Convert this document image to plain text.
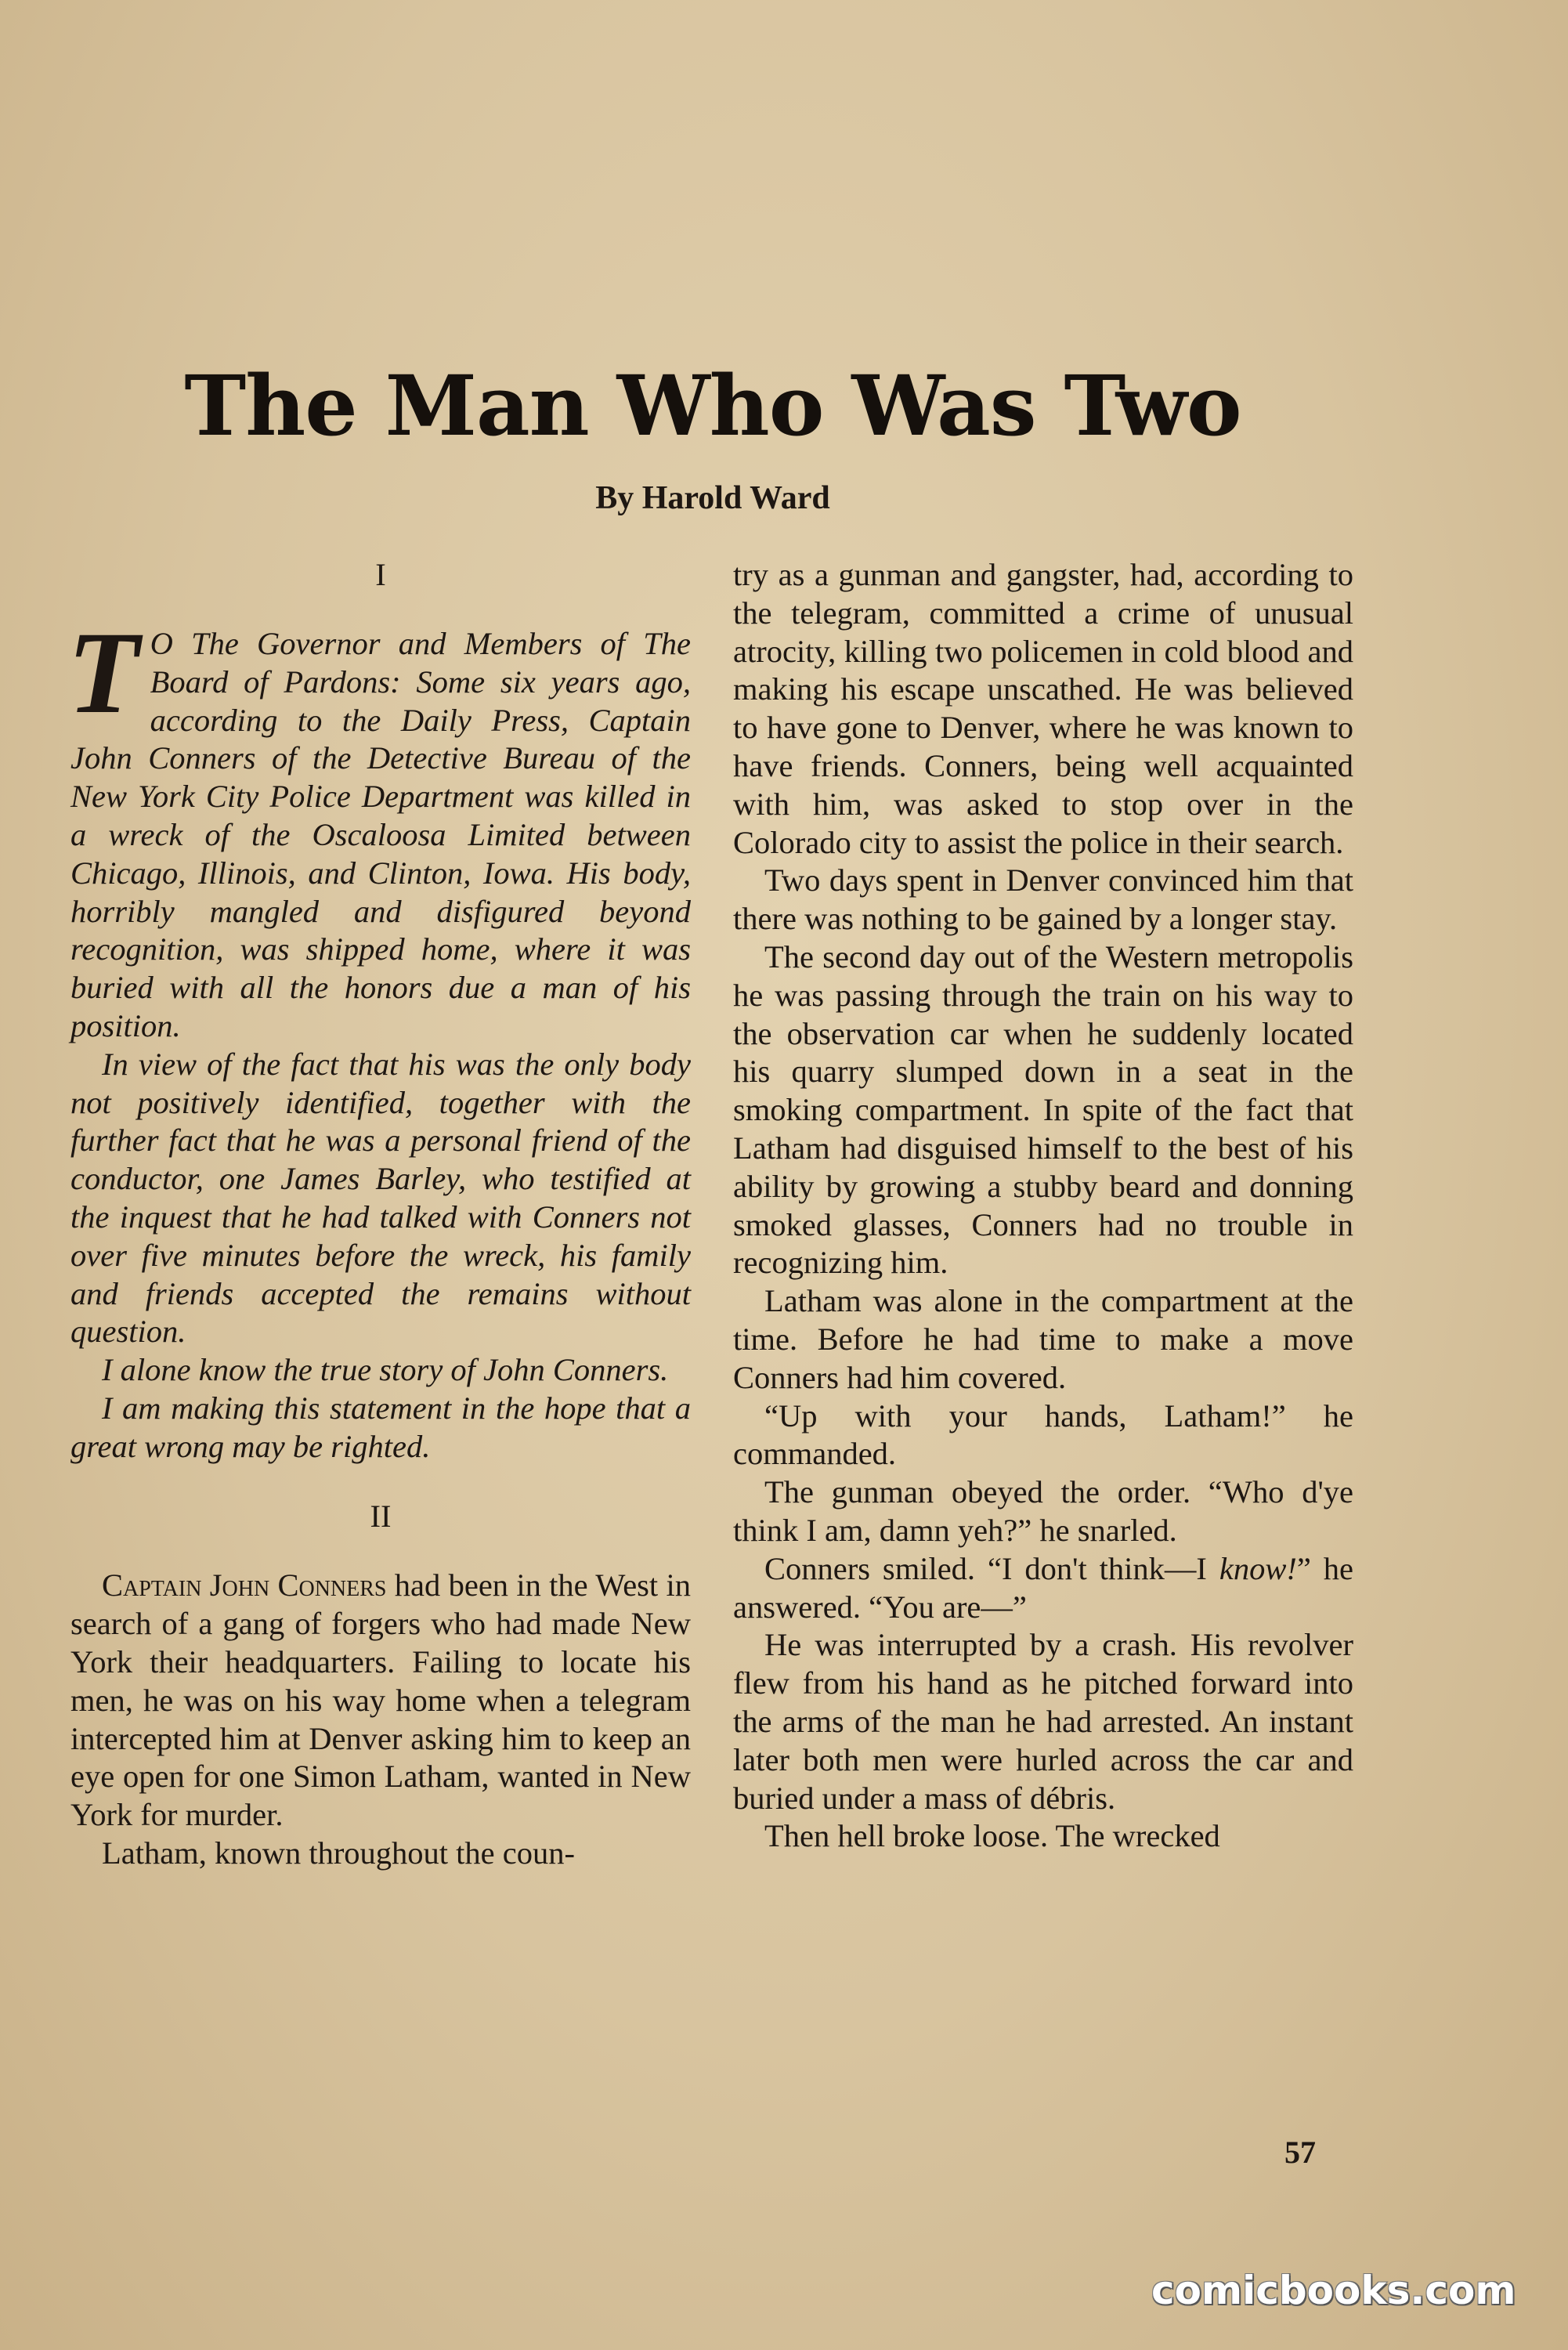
The Man Who Was Two

By Harold Ward

I

T O The Governor and Members of The Board of Pardons: Some six years ago, according to the Daily Press, Captain John Conners of the Detective Bureau of the New York City Police Department was killed in a wreck of the Oscaloosa Limited between Chicago, Illinois, and Clinton, Iowa. His body, horribly mangled and disfigured beyond recognition, was shipped home, where it was buried with all the honors due a man of his position.

In view of the fact that his was the only body not positively identified, together with the further fact that he was a personal friend of the conductor, one James Barley, who testified at the inquest that he had talked with Conners not over five minutes before the wreck, his family and friends accepted the remains without question.

I alone know the true story of John Conners.

I am making this statement in the hope that a great wrong may be righted.

II

Captain John Conners had been in the West in search of a gang of forgers who had made New York their headquarters. Failing to locate his men, he was on his way home when a telegram intercepted him at Denver asking him to keep an eye open for one Simon Latham, wanted in New York for murder.

Latham, known throughout the coun-

try as a gunman and gangster, had, according to the telegram, committed a crime of unusual atrocity, killing two policemen in cold blood and making his escape unscathed. He was believed to have gone to Denver, where he was known to have friends. Conners, being well acquainted with him, was asked to stop over in the Colorado city to assist the police in their search.

Two days spent in Denver convinced him that there was nothing to be gained by a longer stay.

The second day out of the Western metropolis he was passing through the train on his way to the observation car when he suddenly located his quarry slumped down in a seat in the smoking compartment. In spite of the fact that Latham had disguised himself to the best of his ability by growing a stubby beard and donning smoked glasses, Conners had no trouble in recognizing him.

Latham was alone in the compartment at the time. Before he had time to make a move Conners had him covered.

“Up with your hands, Latham!” he commanded.

The gunman obeyed the order. “Who d'ye think I am, damn yeh?” he snarled.

Conners smiled. “I don't think—I know!” he answered. “You are—”

He was interrupted by a crash. His revolver flew from his hand as he pitched forward into the arms of the man he had arrested. An instant later both men were hurled across the car and buried under a mass of débris.

Then hell broke loose. The wrecked

57
comicbooks.com
